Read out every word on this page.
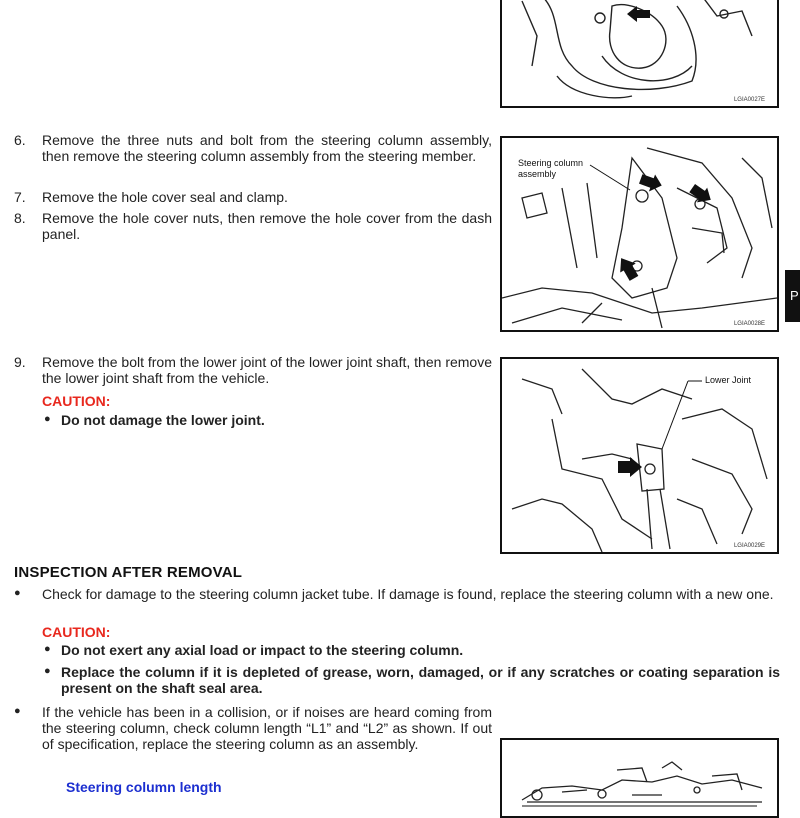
LGIA0027E
6. Remove the three nuts and bolt from the steering column assembly, then remove the steering column assembly from the steering member.
7. Remove the hole cover seal and clamp.
8. Remove the hole cover nuts, then remove the hole cover from the dash panel.
Steering column assembly
LGIA0028E
9. Remove the bolt from the lower joint of the lower joint shaft, then remove the lower joint shaft from the vehicle.
CAUTION:
● Do not damage the lower joint.
Lower Joint
LGIA0029E
INSPECTION AFTER REMOVAL
● Check for damage to the steering column jacket tube. If damage is found, replace the steering column with a new one.
CAUTION:
● Do not exert any axial load or impact to the steering column.
● Replace the column if it is depleted of grease, worn, damaged, or if any scratches or coating separation is present on the shaft seal area.
● If the vehicle has been in a collision, or if noises are heard coming from the steering column, check column length “L1” and “L2” as shown. If out of specification, replace the steering column as an assembly.
Steering column length
P
